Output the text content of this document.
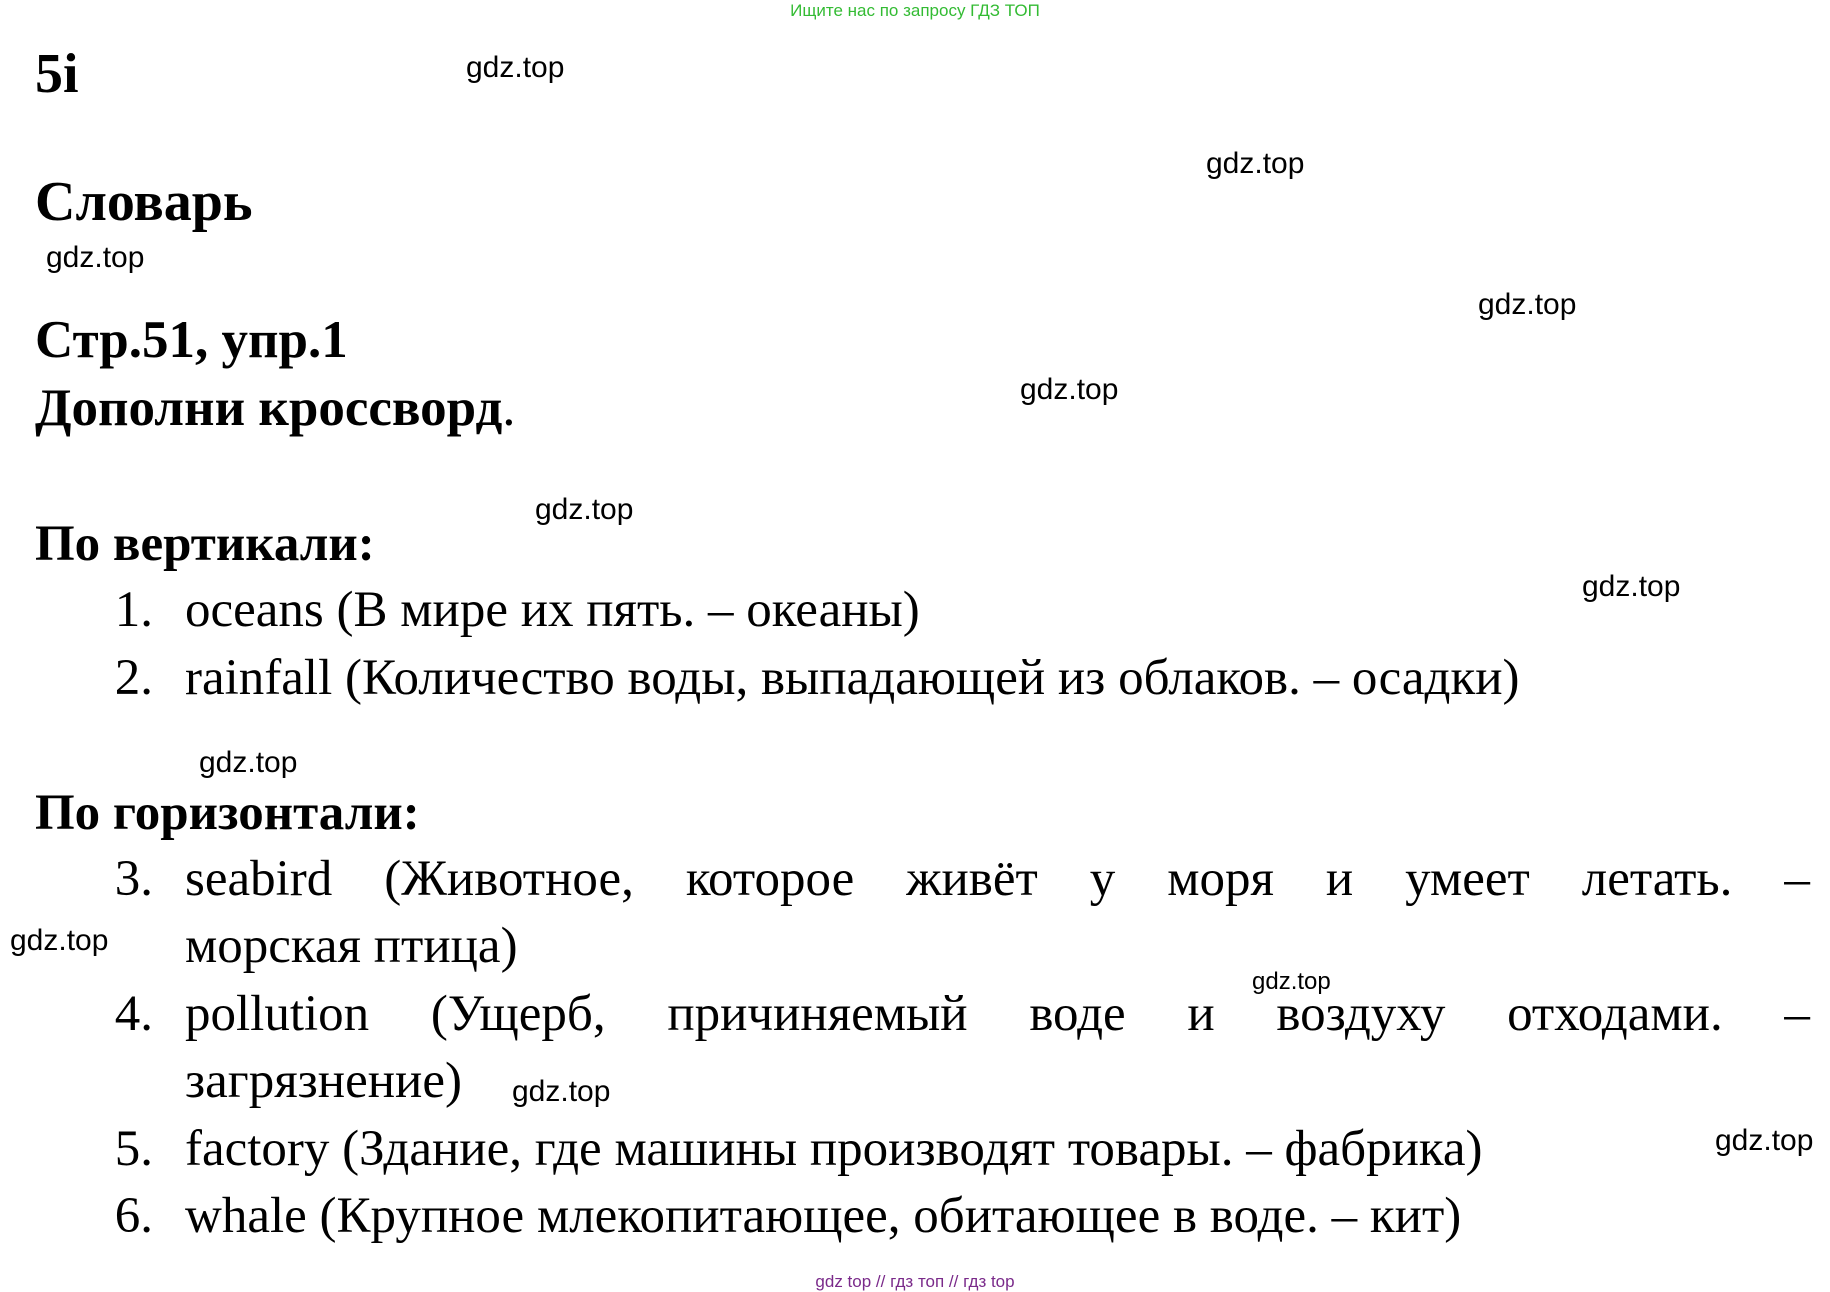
Ищите нас по запросу ГДЗ ТОП
5i
Словарь
Стр.51, упр.1
Дополни кроссворд.
По вертикали:
1. oceans (В мире их пять. – океаны)
2. rainfall (Количество воды, выпадающей из облаков. – осадки)
По горизонтали:
3. seabird (Животное, которое живёт у моря и умеет летать. –
морская птица)
4. pollution (Ущерб, причиняемый воде и воздуху отходами. –
загрязнение)
5. factory (Здание, где машины производят товары. – фабрика)
6. whale (Крупное млекопитающее, обитающее в воде. – кит)
gdz.top
gdz.top
gdz.top
gdz.top
gdz.top
gdz.top
gdz.top
gdz.top
gdz.top
gdz.top
gdz.top
gdz.top
gdz top // гдз топ // гдз top
